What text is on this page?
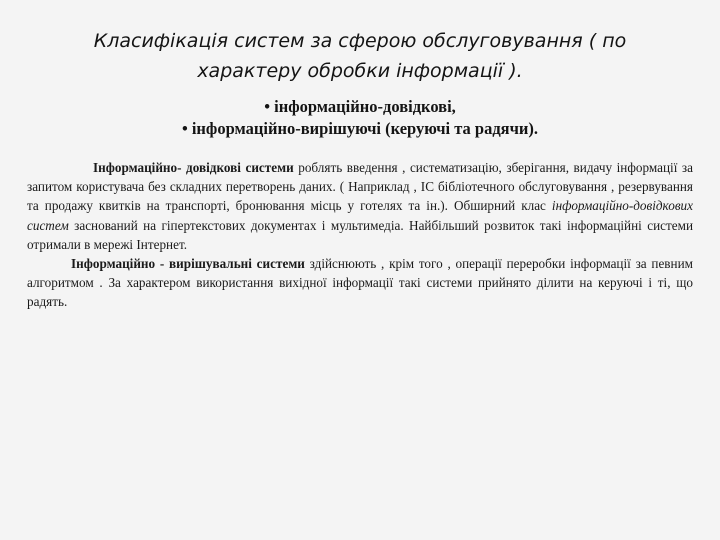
Класифікація систем за сферою обслуговування ( по
характеру обробки інформації ).
• інформаційно-довідкові,
• інформаційно-вирішуючі (керуючі та радячи).

Інформаційно- довідкові системи роблять введення , систематизацію, зберігання, видачу інформації за запитом користувача без складних перетворень даних. ( Наприклад , ІС бібліотечного обслуговування , резервування та продажу квитків на транспорті, бронювання місць у готелях та ін.). Обширний клас інформаційно-довідкових систем заснований на гіпертекстових документах і мультимедіа. Найбільший розвиток такі інформаційні системи отримали в мережі Інтернет.

Інформаційно - вирішувальні системи здійснюють , крім того , операції переробки інформації за певним алгоритмом . За характером використання вихідної інформації такі системи прийнято ділити на керуючі і ті, що радять.
